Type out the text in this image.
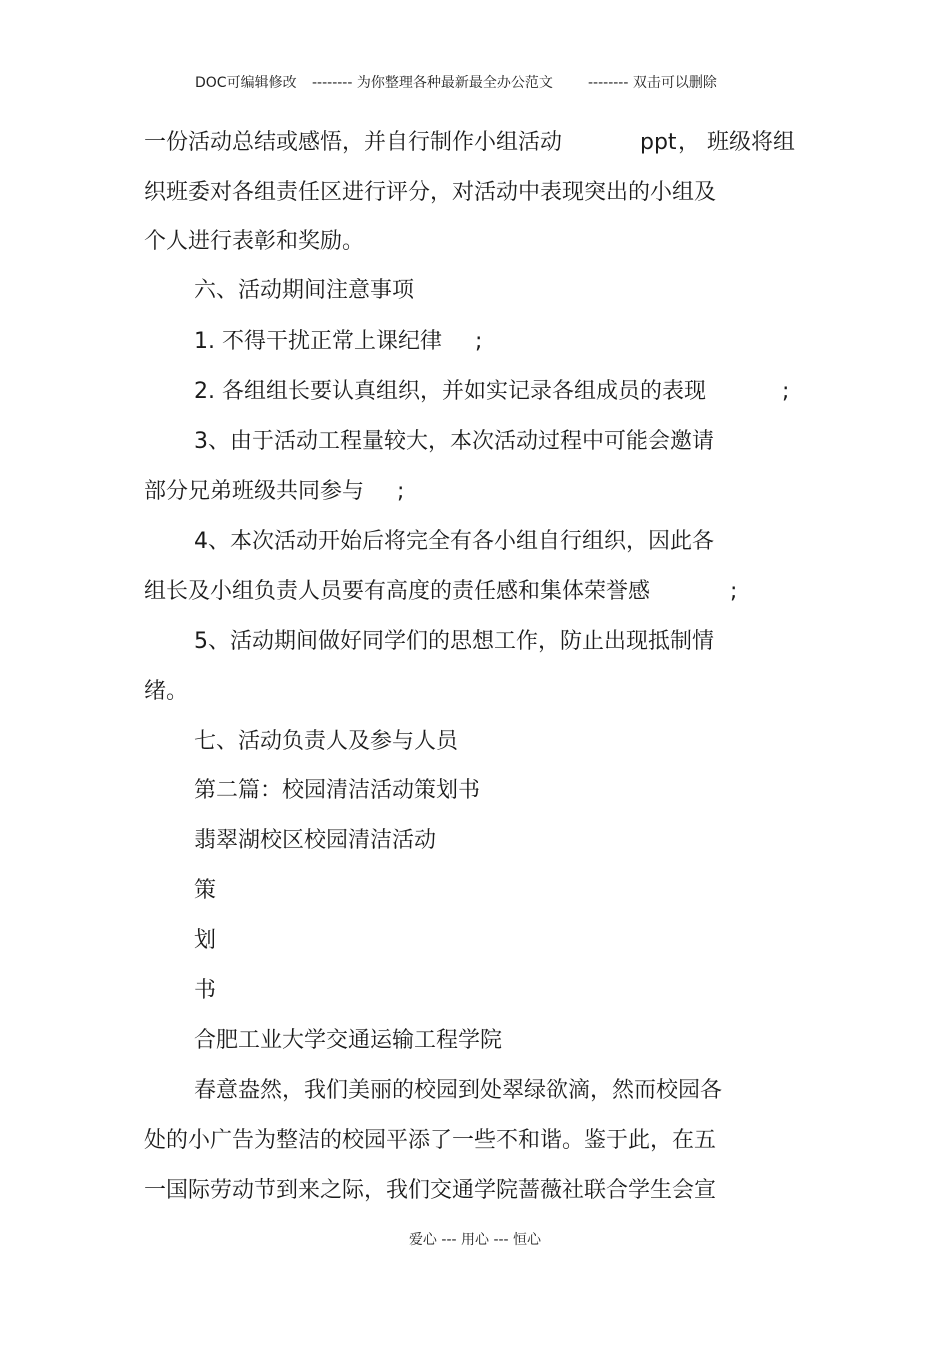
DOC可编辑修改 -------- 为你整理各种最新最全办公范文	-------- 双击可以删除
一份活动总结或感悟，并自行制作小组活动	ppt ， 班级将组
织班委对各组责任区进行评分，对活动中表现突出的小组及
个人进行表彰和奖励。
六、活动期间注意事项
1. 不得干扰正常上课纪律 ;
2. 各组组长要认真组织，并如实记录各组成员的表现	;
3、由于活动工程量较大，本次活动过程中可能会邀请
部分兄弟班级共同参与 ;
4、本次活动开始后将完全有各小组自行组织，因此各
组长及小组负责人员要有高度的责任感和集体荣誉感	;
5、活动期间做好同学们的思想工作，防止出现抵制情
绪。
七、活动负责人及参与人员
第二篇：校园清洁活动策划书
翡翠湖校区校园清洁活动
策
划
书
合肥工业大学交通运输工程学院
春意盎然，我们美丽的校园到处翠绿欲滴，然而校园各
处的小广告为整洁的校园平添了一些不和谐。鉴于此，在五
一国际劳动节到来之际，我们交通学院蔷薇社联合学生会宣
爱心 --- 用心 --- 恒心
